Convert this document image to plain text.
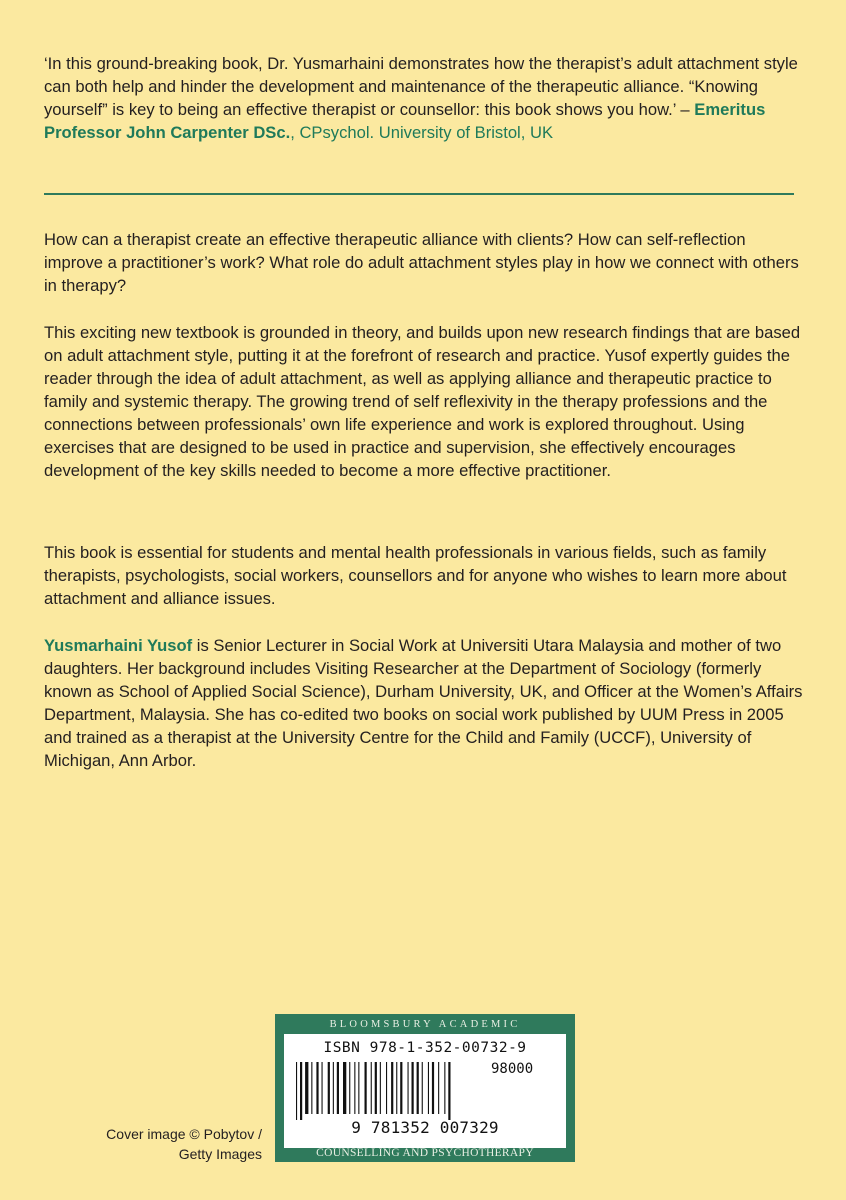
‘In this ground-breaking book, Dr. Yusmarhaini demonstrates how the therapist’s adult attachment style can both help and hinder the development and maintenance of the therapeutic alliance. “Knowing yourself” is key to being an effective therapist or counsellor: this book shows you how.’ – Emeritus Professor John Carpenter DSc., CPsychol. University of Bristol, UK

How can a therapist create an effective therapeutic alliance with clients? How can self-reflection improve a practitioner’s work? What role do adult attachment styles play in how we connect with others in therapy?

This exciting new textbook is grounded in theory, and builds upon new research findings that are based on adult attachment style, putting it at the forefront of research and practice. Yusof expertly guides the reader through the idea of adult attachment, as well as applying alliance and therapeutic practice to family and systemic therapy. The growing trend of self reflexivity in the therapy professions and the connections between professionals’ own life experience and work is explored throughout. Using exercises that are designed to be used in practice and supervision, she effectively encourages development of the key skills needed to become a more effective practitioner.

This book is essential for students and mental health professionals in various fields, such as family therapists, psychologists, social workers, counsellors and for anyone who wishes to learn more about attachment and alliance issues.

Yusmarhaini Yusof is Senior Lecturer in Social Work at Universiti Utara Malaysia and mother of two daughters. Her background includes Visiting Researcher at the Department of Sociology (formerly known as School of Applied Social Science), Durham University, UK, and Officer at the Women’s Affairs Department, Malaysia. She has co-edited two books on social work published by UUM Press in 2005 and trained as a therapist at the University Centre for the Child and Family (UCCF), University of Michigan, Ann Arbor.

Cover image © Pobytov /
Getty Images

BLOOMSBURY ACADEMIC
ISBN 978-1-352-00732-9
98000
9 781352 007329
COUNSELLING AND PSYCHOTHERAPY
